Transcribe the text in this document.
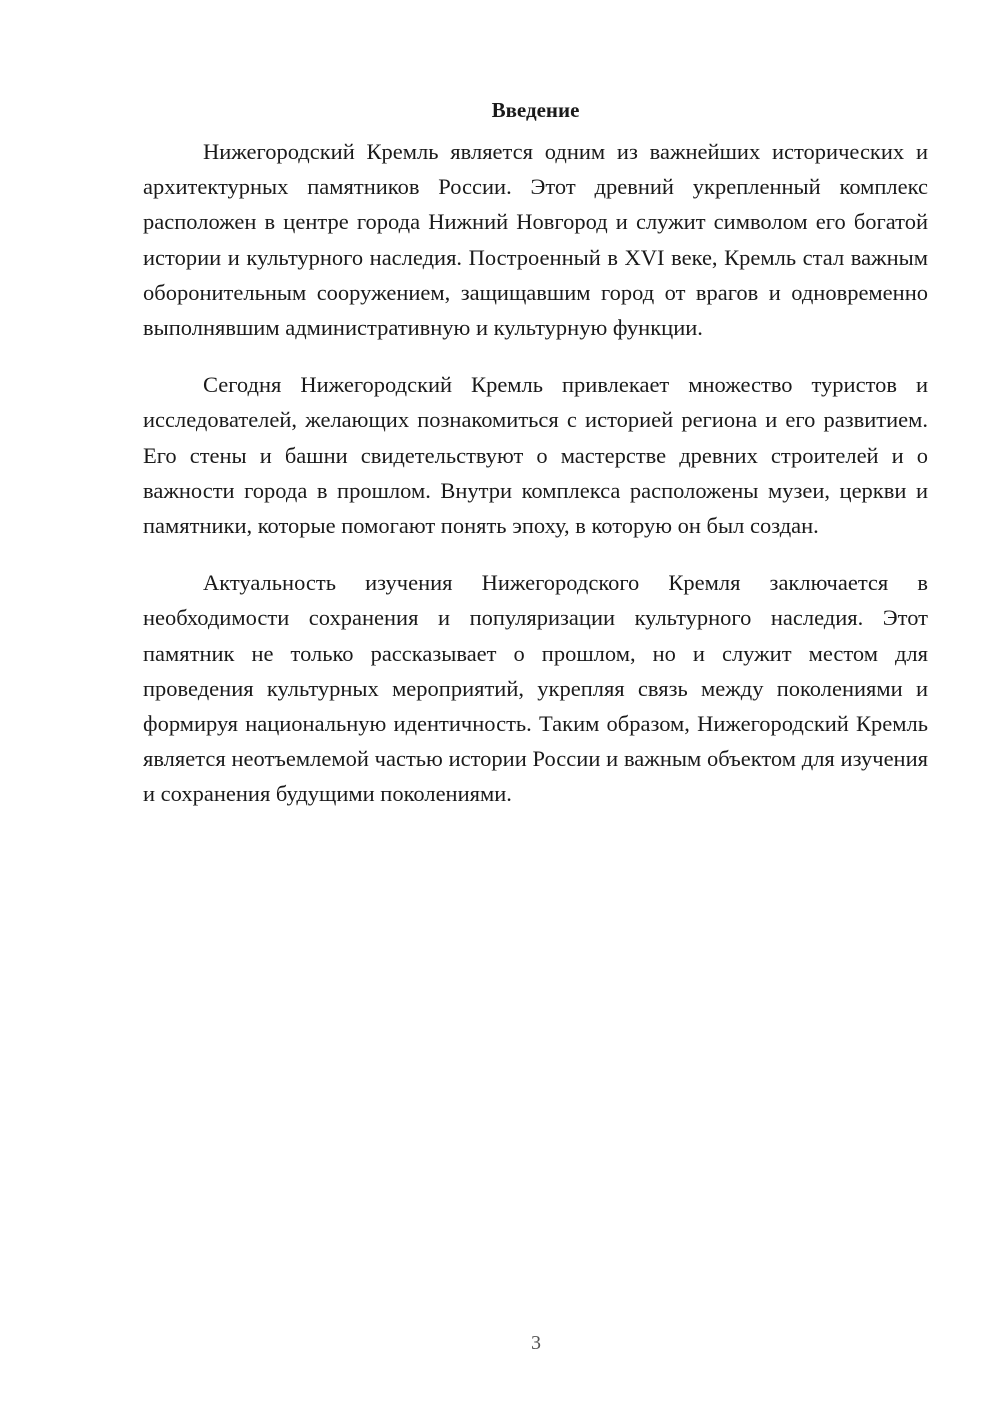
Введение

Нижегородский Кремль является одним из важнейших исторических и архитектурных памятников России. Этот древний укрепленный комплекс расположен в центре города Нижний Новгород и служит символом его богатой истории и культурного наследия. Построенный в XVI веке, Кремль стал важным оборонительным сооружением, защищавшим город от врагов и одновременно выполнявшим административную и культурную функции.

Сегодня Нижегородский Кремль привлекает множество туристов и исследователей, желающих познакомиться с историей региона и его развитием. Его стены и башни свидетельствуют о мастерстве древних строителей и о важности города в прошлом. Внутри комплекса расположены музеи, церкви и памятники, которые помогают понять эпоху, в которую он был создан.

Актуальность изучения Нижегородского Кремля заключается в необходимости сохранения и популяризации культурного наследия. Этот памятник не только рассказывает о прошлом, но и служит местом для проведения культурных мероприятий, укрепляя связь между поколениями и формируя национальную идентичность. Таким образом, Нижегородский Кремль является неотъемлемой частью истории России и важным объектом для изучения и сохранения будущими поколениями.

3
